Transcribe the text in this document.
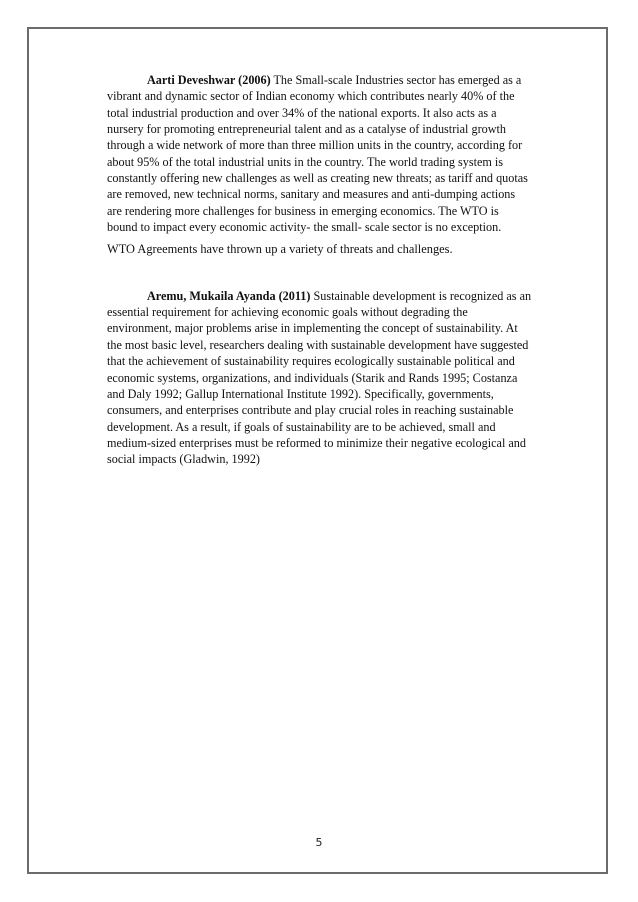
Aarti Deveshwar (2006) The Small-scale Industries sector has emerged as a vibrant and dynamic sector of Indian economy which contributes nearly 40% of the total industrial production and over 34% of the national exports. It also acts as a nursery for promoting entrepreneurial talent and as a catalyse of industrial growth through a wide network of more than three million units in the country, according for about 95% of the total industrial units in the country. The world trading system is constantly offering new challenges as well as creating new threats; as tariff and quotas are removed, new technical norms, sanitary and measures and anti-dumping actions are rendering more challenges for business in emerging economics. The WTO is bound to impact every economic activity- the small- scale sector is no exception.

WTO Agreements have thrown up a variety of threats and challenges.

Aremu, Mukaila Ayanda (2011) Sustainable development is recognized as an essential requirement for achieving economic goals without degrading the environment, major problems arise in implementing the concept of sustainability. At the most basic level, researchers dealing with sustainable development have suggested that the achievement of sustainability requires ecologically sustainable political and economic systems, organizations, and individuals (Starik and Rands 1995; Costanza and Daly 1992; Gallup International Institute 1992). Specifically, governments, consumers, and enterprises contribute and play crucial roles in reaching sustainable development. As a result, if goals of sustainability are to be achieved, small and medium-sized enterprises must be reformed to minimize their negative ecological and social impacts (Gladwin, 1992)

5
